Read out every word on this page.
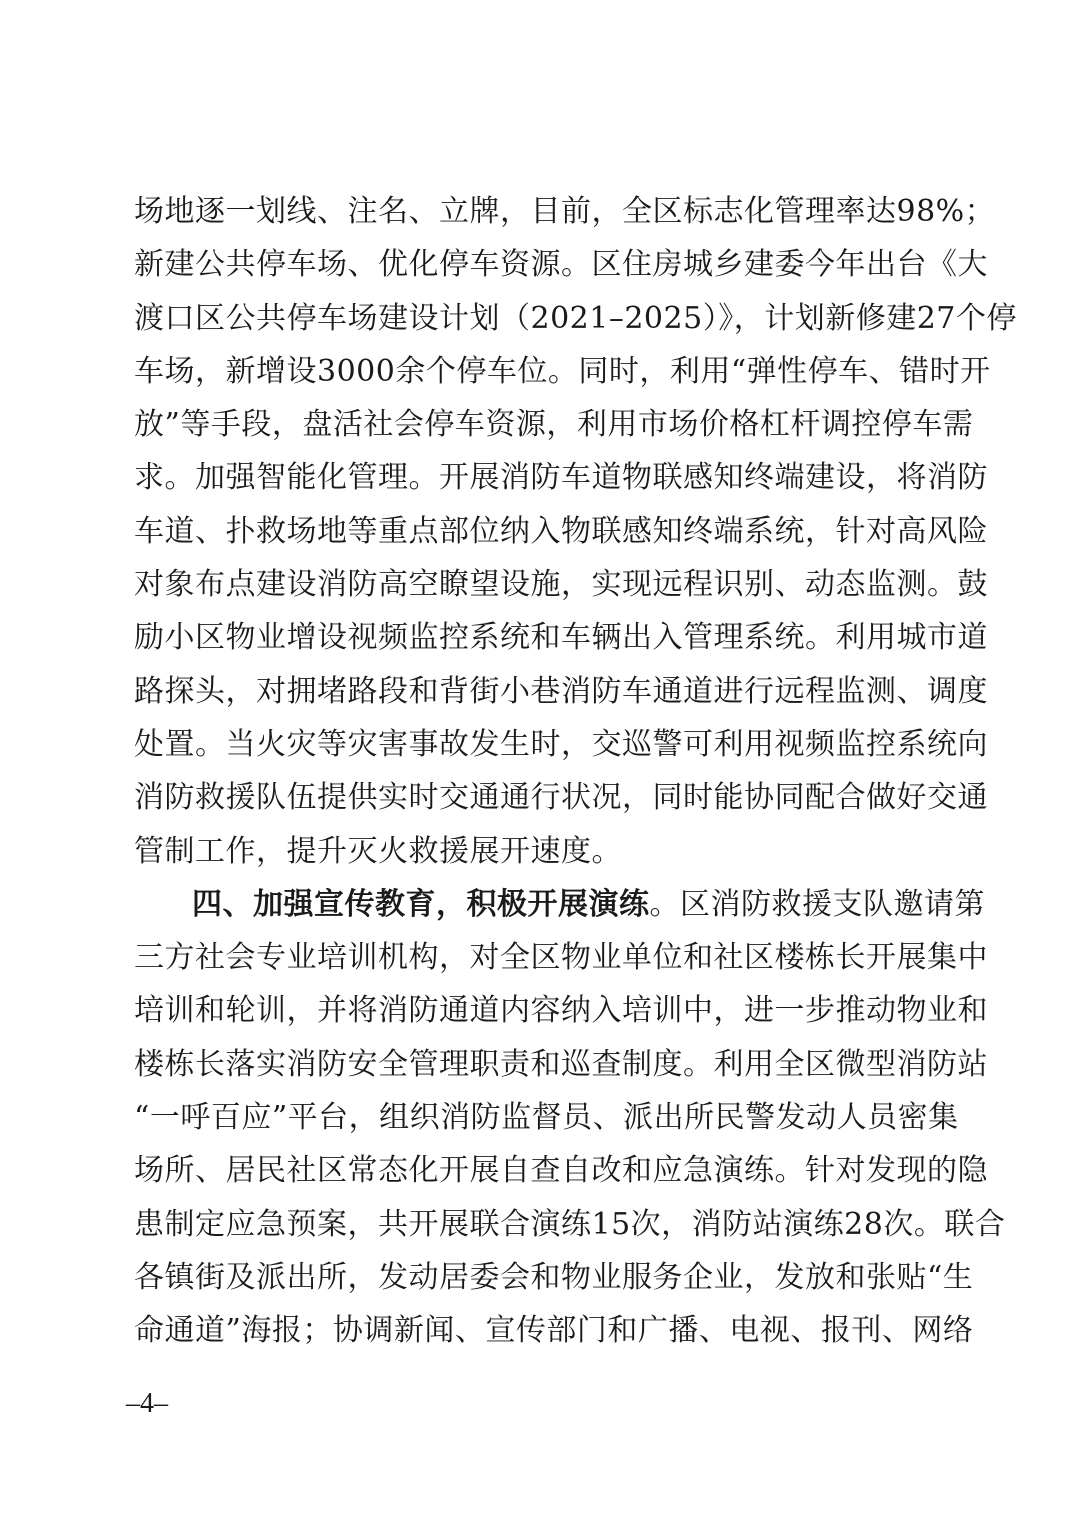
场地逐一划线、注名、立牌，目前，全区标志化管理率达98%；
新建公共停车场、优化停车资源。区住房城乡建委今年出台《大
渡口区公共停车场建设计划（2021–2025）》，计划新修建27个停
车场，新增设3000余个停车位。同时，利用“弹性停车、错时开
放”等手段，盘活社会停车资源，利用市场价格杠杆调控停车需
求。加强智能化管理。开展消防车道物联感知终端建设，将消防
车道、扑救场地等重点部位纳入物联感知终端系统，针对高风险
对象布点建设消防高空瞭望设施，实现远程识别、动态监测。鼓
励小区物业增设视频监控系统和车辆出入管理系统。利用城市道
路探头，对拥堵路段和背街小巷消防车通道进行远程监测、调度
处置。当火灾等灾害事故发生时，交巡警可利用视频监控系统向
消防救援队伍提供实时交通通行状况，同时能协同配合做好交通
管制工作，提升灭火救援展开速度。
四、加强宣传教育，积极开展演练。区消防救援支队邀请第
三方社会专业培训机构，对全区物业单位和社区楼栋长开展集中
培训和轮训，并将消防通道内容纳入培训中，进一步推动物业和
楼栋长落实消防安全管理职责和巡查制度。利用全区微型消防站
“一呼百应”平台，组织消防监督员、派出所民警发动人员密集
场所、居民社区常态化开展自查自改和应急演练。针对发现的隐
患制定应急预案，共开展联合演练15次，消防站演练28次。联合
各镇街及派出所，发动居委会和物业服务企业，发放和张贴“生
命通道”海报；协调新闻、宣传部门和广播、电视、报刊、网络
–4–
